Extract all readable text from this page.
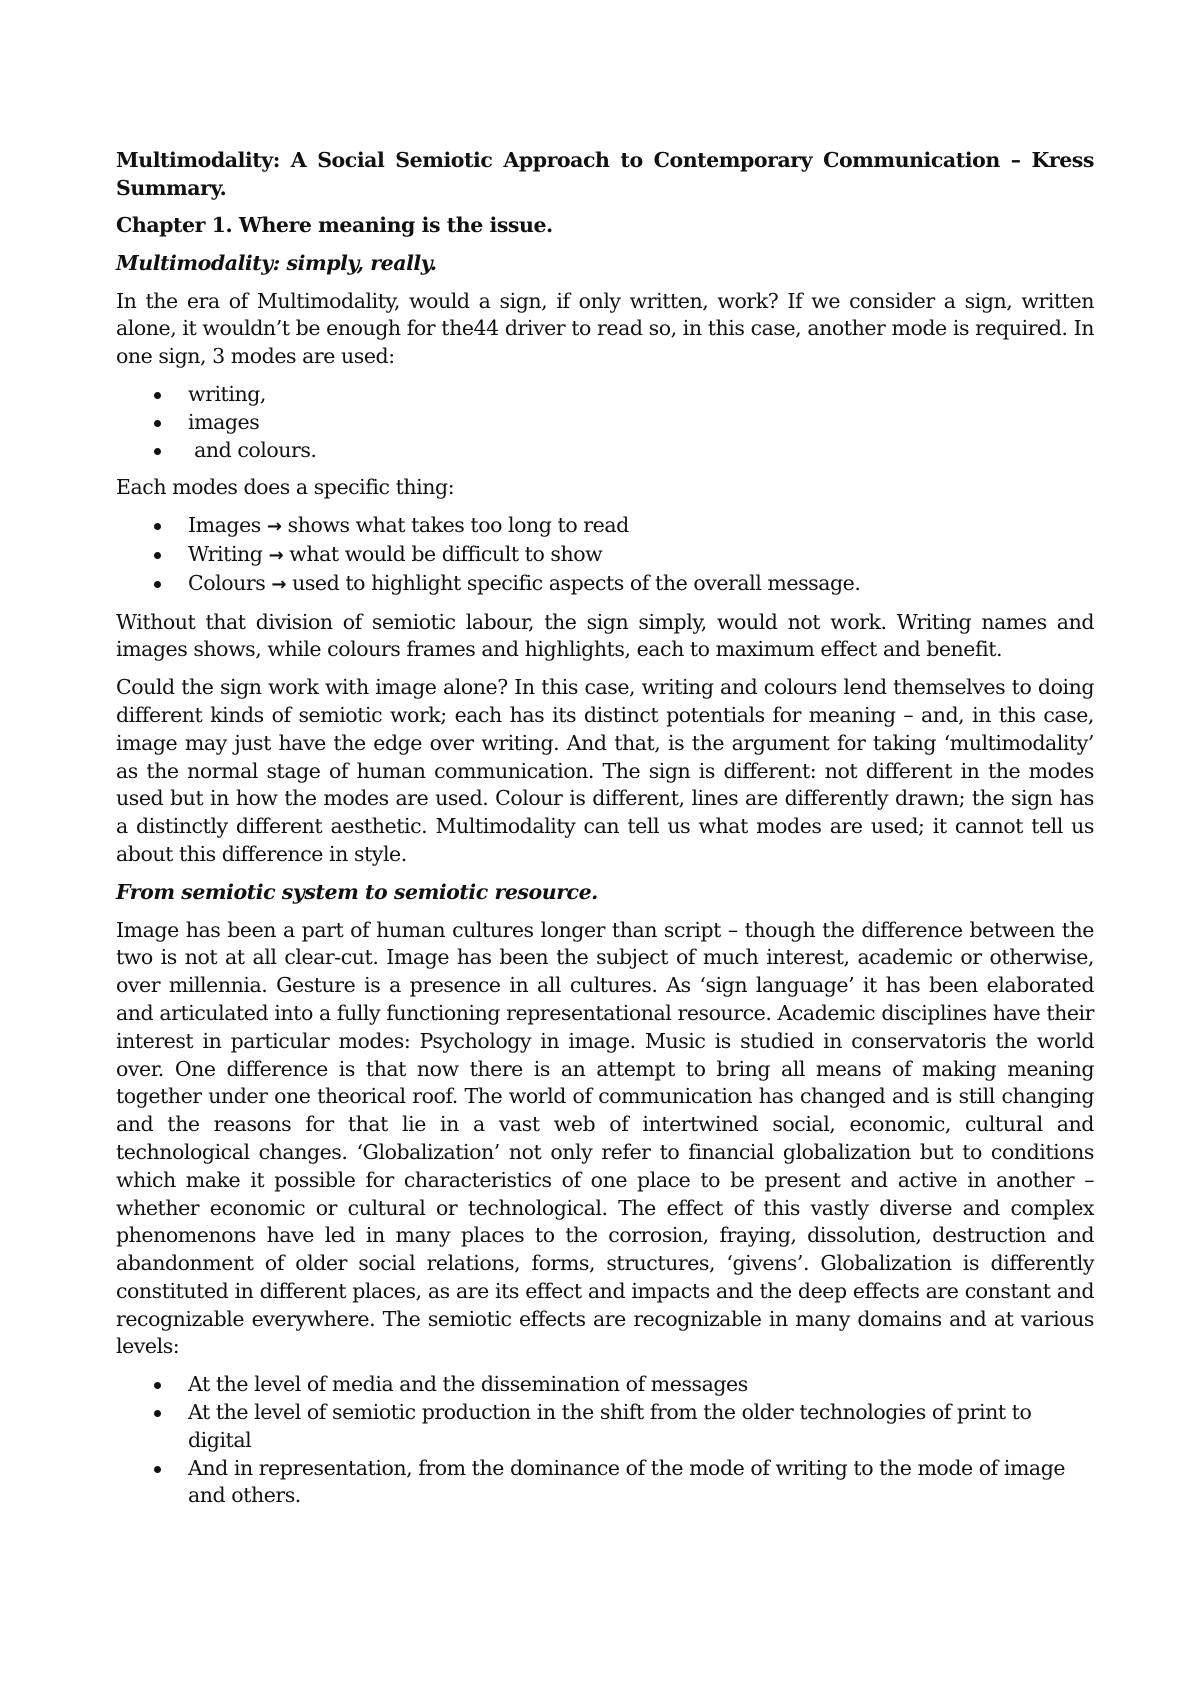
Multimodality: A Social Semiotic Approach to Contemporary Communication – Kress Summary.

Chapter 1. Where meaning is the issue.

Multimodality: simply, really.

In the era of Multimodality, would a sign, if only written, work? If we consider a sign, written alone, it wouldn’t be enough for the44 driver to read so, in this case, another mode is required. In one sign, 3 modes are used:

writing,
images
and colours.

Each modes does a specific thing:

Images → shows what takes too long to read
Writing → what would be difficult to show
Colours → used to highlight specific aspects of the overall message.

Without that division of semiotic labour, the sign simply, would not work. Writing names and images shows, while colours frames and highlights, each to maximum effect and benefit.

Could the sign work with image alone? In this case, writing and colours lend themselves to doing different kinds of semiotic work; each has its distinct potentials for meaning – and, in this case, image may just have the edge over writing. And that, is the argument for taking ‘multimodality’ as the normal stage of human communication. The sign is different: not different in the modes used but in how the modes are used. Colour is different, lines are differently drawn; the sign has a distinctly different aesthetic. Multimodality can tell us what modes are used; it cannot tell us about this difference in style.

From semiotic system to semiotic resource.

Image has been a part of human cultures longer than script – though the difference between the two is not at all clear-cut. Image has been the subject of much interest, academic or otherwise, over millennia. Gesture is a presence in all cultures. As ‘sign language’ it has been elaborated and articulated into a fully functioning representational resource. Academic disciplines have their interest in particular modes: Psychology in image. Music is studied in conservatoris the world over. One difference is that now there is an attempt to bring all means of making meaning together under one theorical roof. The world of communication has changed and is still changing and the reasons for that lie in a vast web of intertwined social, economic, cultural and technological changes. ‘Globalization’ not only refer to financial globalization but to conditions which make it possible for characteristics of one place to be present and active in another – whether economic or cultural or technological. The effect of this vastly diverse and complex phenomenons have led in many places to the corrosion, fraying, dissolution, destruction and abandonment of older social relations, forms, structures, ‘givens’. Globalization is differently constituted in different places, as are its effect and impacts and the deep effects are constant and recognizable everywhere. The semiotic effects are recognizable in many domains and at various levels:

At the level of media and the dissemination of messages
At the level of semiotic production in the shift from the older technologies of print to digital
And in representation, from the dominance of the mode of writing to the mode of image and others.
